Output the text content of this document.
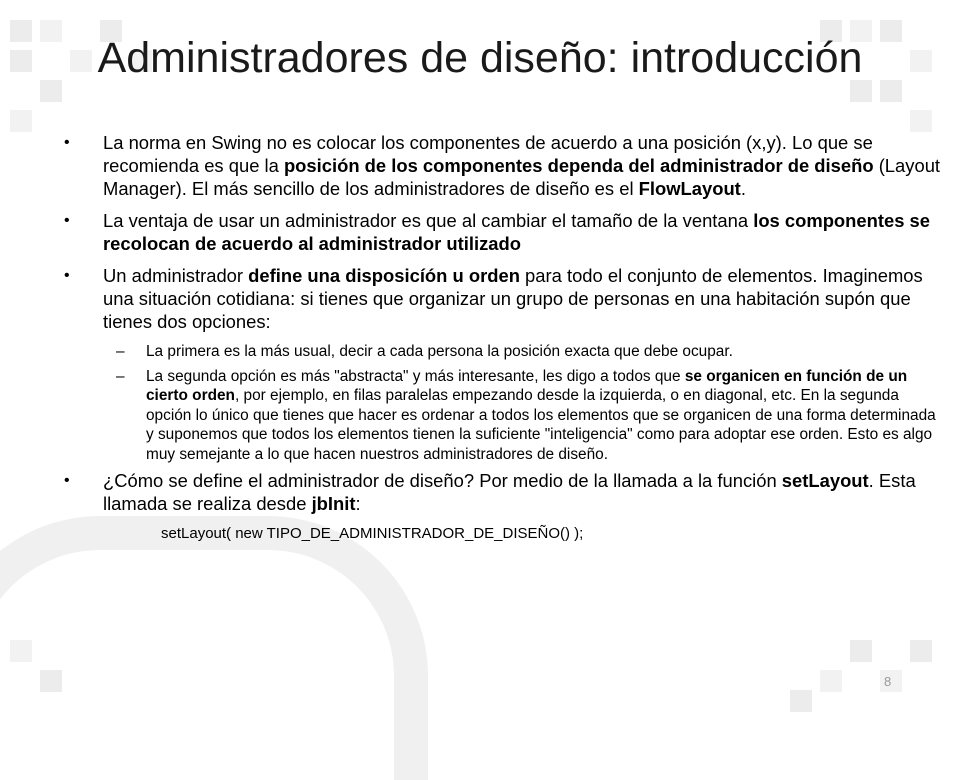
Administradores de diseño: introducción
• La norma en Swing no es colocar los componentes de acuerdo a una posición (x,y). Lo que se recomienda es que la posición de los componentes dependa del administrador de diseño (Layout Manager). El más sencillo de los administradores de diseño es el FlowLayout.
• La ventaja de usar un administrador es que al cambiar el tamaño de la ventana los componentes se recolocan de acuerdo al administrador utilizado
• Un administrador define una disposicíón u orden para todo el conjunto de elementos. Imaginemos una situación cotidiana: si tienes que organizar un grupo de personas en una habitación supón que tienes dos opciones:
– La primera es la más usual, decir a cada persona la posición exacta que debe ocupar.
– La segunda opción es más "abstracta" y más interesante, les digo a todos que se organicen en función de un cierto orden, por ejemplo, en filas paralelas empezando desde la izquierda, o en diagonal, etc. En la segunda opción lo único que tienes que hacer es ordenar a todos los elementos que se organicen de una forma determinada y suponemos que todos los elementos tienen la suficiente "inteligencia" como para adoptar ese orden. Esto es algo muy semejante a lo que hacen nuestros administradores de diseño.
• ¿Cómo se define el administrador de diseño? Por medio de la llamada a la función setLayout. Esta llamada se realiza desde jbInit:
setLayout( new TIPO_DE_ADMINISTRADOR_DE_DISEÑO() );
8
